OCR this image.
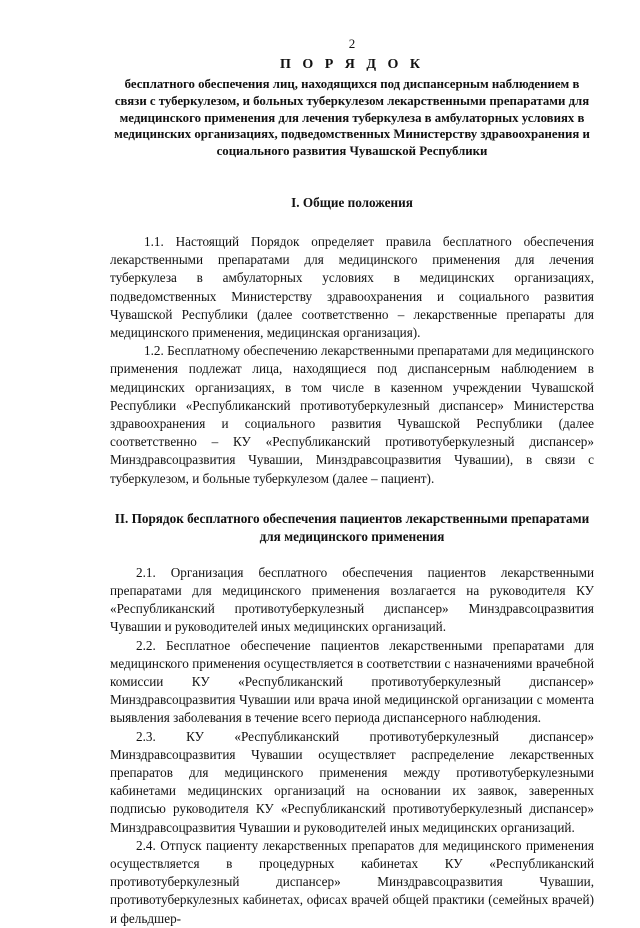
2
П О Р Я Д О К
бесплатного обеспечения лиц, находящихся под диспансерным наблюдением в связи с туберкулезом, и больных туберкулезом лекарственными препаратами для медицинского применения для лечения туберкулеза в амбулаторных условиях в медицинских организациях, подведомственных Министерству здравоохранения и социального развития Чувашской Республики
I. Общие положения

1.1. Настоящий Порядок определяет правила бесплатного обеспечения лекарственными препаратами для медицинского применения для лечения туберкулеза в амбулаторных условиях в медицинских организациях, подведомственных Министерству здравоохранения и социального развития Чувашской Республики (далее соответственно – лекарственные препараты для медицинского применения, медицинская организация).

1.2. Бесплатному обеспечению лекарственными препаратами для медицинского применения подлежат лица, находящиеся под диспансерным наблюдением в медицинских организациях, в том числе в казенном учреждении Чувашской Республики «Республиканский противотуберкулезный диспансер» Министерства здравоохранения и социального развития Чувашской Республики (далее соответственно – КУ «Республиканский противотуберкулезный диспансер» Минздравсоцразвития Чувашии, Минздравсоцразвития Чувашии), в связи с туберкулезом, и больные туберкулезом (далее – пациент).

II. Порядок бесплатного обеспечения пациентов лекарственными препаратами для медицинского применения

2.1. Организация бесплатного обеспечения пациентов лекарственными препаратами для медицинского применения возлагается на руководителя КУ «Республиканский противотуберкулезный диспансер» Минздравсоцразвития Чувашии и руководителей иных медицинских организаций.

2.2. Бесплатное обеспечение пациентов лекарственными препаратами для медицинского применения осуществляется в соответствии с назначениями врачебной комиссии КУ «Республиканский противотуберкулезный диспансер» Минздравсоцразвития Чувашии или врача иной медицинской организации с момента выявления заболевания в течение всего периода диспансерного наблюдения.

2.3. КУ «Республиканский противотуберкулезный диспансер» Минздравсоцразвития Чувашии осуществляет распределение лекарственных препаратов для медицинского применения между противотуберкулезными кабинетами медицинских организаций на основании их заявок, заверенных подписью руководителя КУ «Республиканский противотуберкулезный диспансер» Минздравсоцразвития Чувашии и руководителей иных медицинских организаций.

2.4. Отпуск пациенту лекарственных препаратов для медицинского применения осуществляется в процедурных кабинетах КУ «Республиканский противотуберкулезный диспансер» Минздравсоцразвития Чувашии, противотуберкулезных кабинетах, офисах врачей общей практики (семейных врачей) и фельдшер-
